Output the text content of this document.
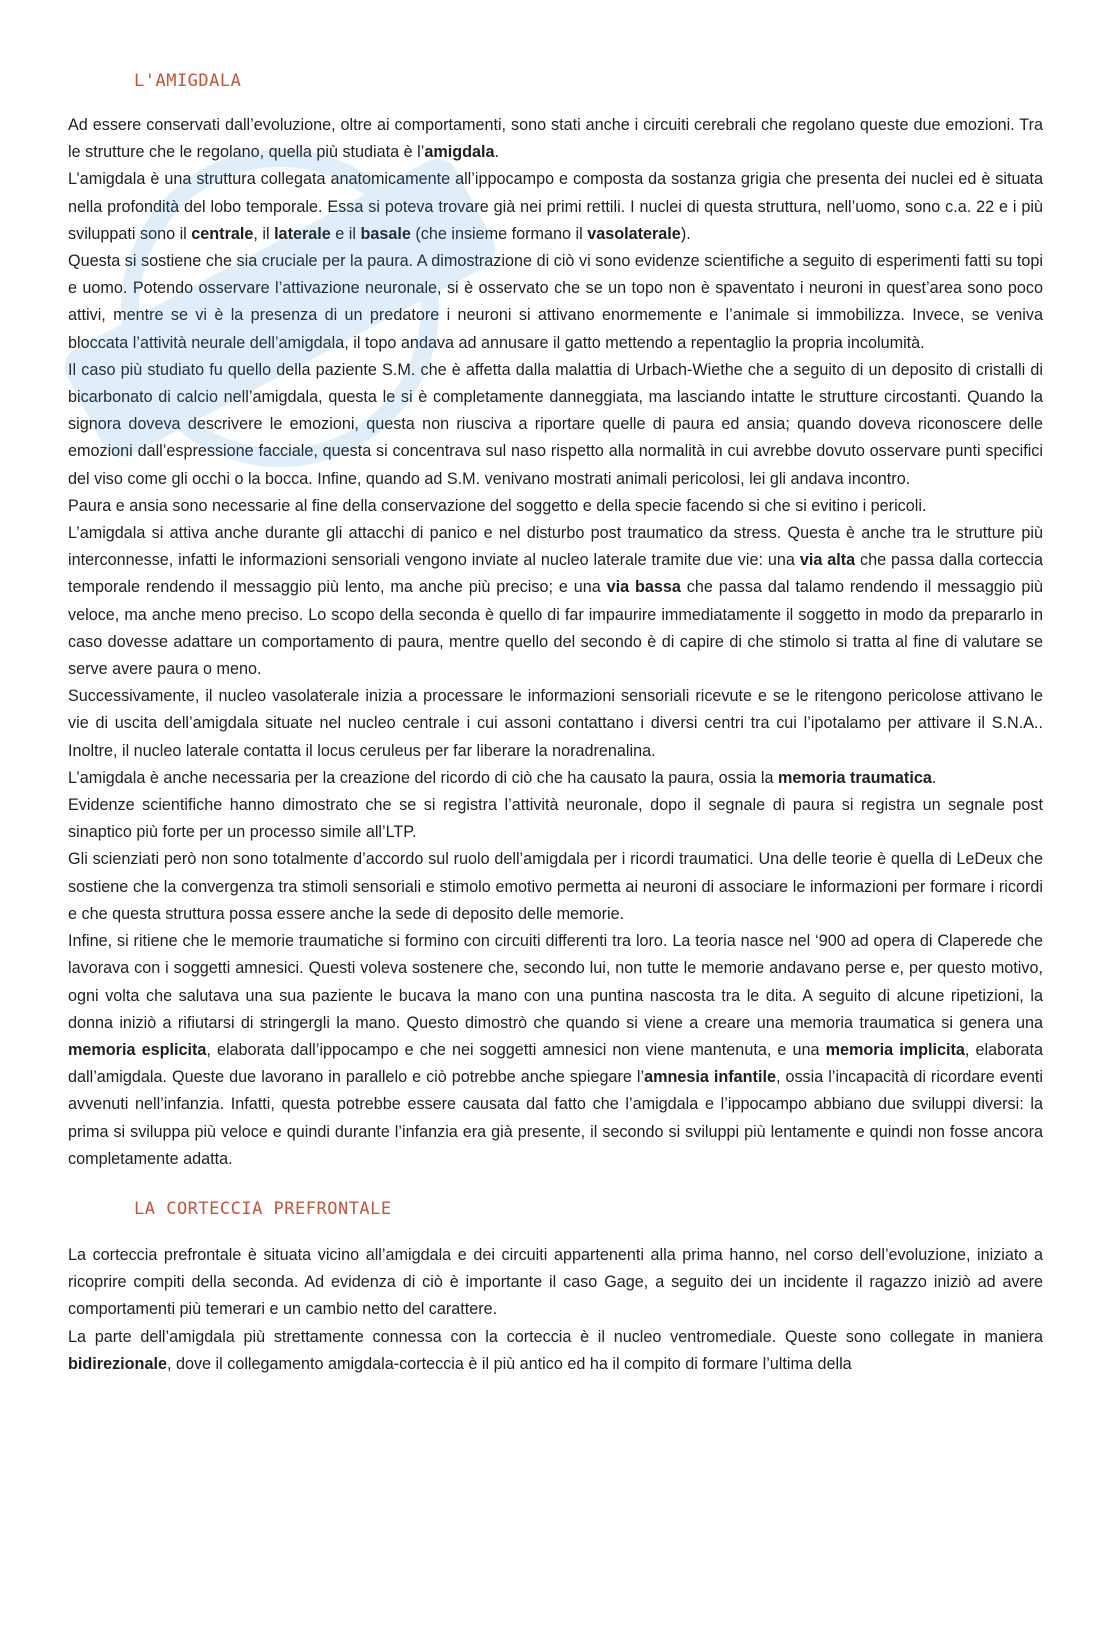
L'AMIGDALA

Ad essere conservati dall’evoluzione, oltre ai comportamenti, sono stati anche i circuiti cerebrali che regolano queste due emozioni. Tra le strutture che le regolano, quella più studiata è l’amigdala.

L’amigdala è una struttura collegata anatomicamente all’ippocampo e composta da sostanza grigia che presenta dei nuclei ed è situata nella profondità del lobo temporale. Essa si poteva trovare già nei primi rettili. I nuclei di questa struttura, nell’uomo, sono c.a. 22 e i più sviluppati sono il centrale, il laterale e il basale (che insieme formano il vasolaterale).

Questa si sostiene che sia cruciale per la paura. A dimostrazione di ciò vi sono evidenze scientifiche a seguito di esperimenti fatti su topi e uomo. Potendo osservare l’attivazione neuronale, si è osservato che se un topo non è spaventato i neuroni in quest’area sono poco attivi, mentre se vi è la presenza di un predatore i neuroni si attivano enormemente e l’animale si immobilizza. Invece, se veniva bloccata l’attività neurale dell’amigdala, il topo andava ad annusare il gatto mettendo a repentaglio la propria incolumità.

Il caso più studiato fu quello della paziente S.M. che è affetta dalla malattia di Urbach-Wiethe che a seguito di un deposito di cristalli di bicarbonato di calcio nell’amigdala, questa le si è completamente danneggiata, ma lasciando intatte le strutture circostanti. Quando la signora doveva descrivere le emozioni, questa non riusciva a riportare quelle di paura ed ansia; quando doveva riconoscere delle emozioni dall’espressione facciale, questa si concentrava sul naso rispetto alla normalità in cui avrebbe dovuto osservare punti specifici del viso come gli occhi o la bocca. Infine, quando ad S.M. venivano mostrati animali pericolosi, lei gli andava incontro.

Paura e ansia sono necessarie al fine della conservazione del soggetto e della specie facendo si che si evitino i pericoli.

L’amigdala si attiva anche durante gli attacchi di panico e nel disturbo post traumatico da stress. Questa è anche tra le strutture più interconnesse, infatti le informazioni sensoriali vengono inviate al nucleo laterale tramite due vie: una via alta che passa dalla corteccia temporale rendendo il messaggio più lento, ma anche più preciso; e una via bassa che passa dal talamo rendendo il messaggio più veloce, ma anche meno preciso. Lo scopo della seconda è quello di far impaurire immediatamente il soggetto in modo da prepararlo in caso dovesse adattare un comportamento di paura, mentre quello del secondo è di capire di che stimolo si tratta al fine di valutare se serve avere paura o meno.

Successivamente, il nucleo vasolaterale inizia a processare le informazioni sensoriali ricevute e se le ritengono pericolose attivano le vie di uscita dell’amigdala situate nel nucleo centrale i cui assoni contattano i diversi centri tra cui l’ipotalamo per attivare il S.N.A.. Inoltre, il nucleo laterale contatta il locus ceruleus per far liberare la noradrenalina.

L’amigdala è anche necessaria per la creazione del ricordo di ciò che ha causato la paura, ossia la memoria traumatica.

Evidenze scientifiche hanno dimostrato che se si registra l’attività neuronale, dopo il segnale di paura si registra un segnale post sinaptico più forte per un processo simile all’LTP.

Gli scienziati però non sono totalmente d’accordo sul ruolo dell’amigdala per i ricordi traumatici. Una delle teorie è quella di LeDeux che sostiene che la convergenza tra stimoli sensoriali e stimolo emotivo permetta ai neuroni di associare le informazioni per formare i ricordi e che questa struttura possa essere anche la sede di deposito delle memorie.

Infine, si ritiene che le memorie traumatiche si formino con circuiti differenti tra loro. La teoria nasce nel ‘900 ad opera di Claperede che lavorava con i soggetti amnesici. Questi voleva sostenere che, secondo lui, non tutte le memorie andavano perse e, per questo motivo, ogni volta che salutava una sua paziente le bucava la mano con una puntina nascosta tra le dita. A seguito di alcune ripetizioni, la donna iniziò a rifiutarsi di stringergli la mano. Questo dimostrò che quando si viene a creare una memoria traumatica si genera una memoria esplicita, elaborata dall’ippocampo e che nei soggetti amnesici non viene mantenuta, e una memoria implicita, elaborata dall’amigdala. Queste due lavorano in parallelo e ciò potrebbe anche spiegare l’amnesia infantile, ossia l’incapacità di ricordare eventi avvenuti nell’infanzia. Infatti, questa potrebbe essere causata dal fatto che l’amigdala e l’ippocampo abbiano due sviluppi diversi: la prima si sviluppa più veloce e quindi durante l’infanzia era già presente, il secondo si sviluppi più lentamente e quindi non fosse ancora completamente adatta.

LA CORTECCIA PREFRONTALE

La corteccia prefrontale è situata vicino all’amigdala e dei circuiti appartenenti alla prima hanno, nel corso dell’evoluzione, iniziato a ricoprire compiti della seconda. Ad evidenza di ciò è importante il caso Gage, a seguito dei un incidente il ragazzo iniziò ad avere comportamenti più temerari e un cambio netto del carattere.

La parte dell’amigdala più strettamente connessa con la corteccia è il nucleo ventromediale. Queste sono collegate in maniera bidirezionale, dove il collegamento amigdala-corteccia è il più antico ed ha il compito di formare l’ultima della
